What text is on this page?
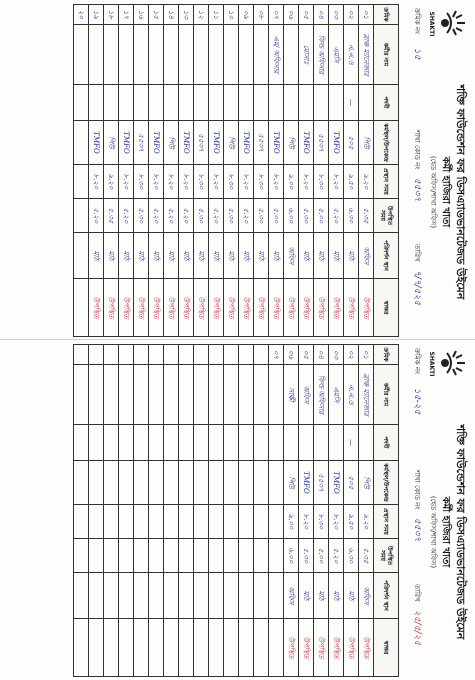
SHAKTI
শক্তি ফাউন্ডেশন ফর ডিসএ্যাডভানটেজড উইমেন
কর্মী হাজিরা খাতা
(হেড অফিস/শাখা অফিস)
ক্রমিক নং
১৫
শাখা কোড নং
৫৫৩৭
তারিখ
৭/৭/৫২৫
ক্রমিক	কর্মীর নাম	পদবী	কর্মস্থল/উপকেন্দ্র	প্রস্থান সময়	উপস্থিত সময়	পরিদর্শন স্থান	স্বাক্ষর
০১	ব্রাঞ্চ ম্যানেজার		পিউ	৯.২০	৫.৩৫	অফিস	উপস্থিত
০২	এ.এ.ও	—	৫০৫	৯.৫০	৬.৩০	মাঠ	উপস্থিত
০৩	এমসি		TMFO	৮.২০	৫.২০	মাঠ	উপস্থিত
০৪	ফিল্ড অফিসার		৫৫৩৭	৮.৩০	৫.০০	মাঠ	উপস্থিত
০৫	মোসাঃ		TMFO	৮.২০	৫.৩০	মাঠ	উপস্থিত
০৬			পিউ	৯.০০	৬.০০	অফিস	উপস্থিত
০৭	এম/ অফিসার		TMFO	৮.২০	৫.০০	মাঠ	উপস্থিত
০৮			৫৫৩৭	৮.৩০	৫.৩০	মাঠ	উপস্থিত
০৯			TMFO	৮.২০	৫.২০	মাঠ	উপস্থিত
১০			পিউ	৮.৩০	৫.৩০	মাঠ	উপস্থিত
১১			TMFO	৮.২০	৫.২০	মাঠ	উপস্থিত
১২			৫৫৩৭	৮.৩০	৫.৩০	মাঠ	উপস্থিত
১৩			TMFO	৮.২০	৫.২০	মাঠ	উপস্থিত
১৪			পিউ	৮.২০	৫.২০	মাঠ	উপস্থিত
১৫			TMFO	৮.২০	৫.২০	মাঠ	উপস্থিত
১৬			৫৫৩৭	৮.৩০	৫.৩০	মাঠ	উপস্থিত
১৭			TMFO	৮.২০	৫.২০	মাঠ	উপস্থিত
১৮			পিউ	৯.২০	৫.৩৫	মাঠ	উপস্থিত
১৯			TMFO	৮.২০	৫.২০	মাঠ	উপস্থিত
২০							
SHAKTI
শক্তি ফাউন্ডেশন ফর ডিসএ্যাডভানটেজড উইমেন
কর্মী হাজিরা খাতা
(হেড অফিস/শাখা অফিস)
ক্রমিক নং
১৫-২৫
শাখা কোড নং
৫৫৩৭
তারিখ
২৫/৫/২৫
ক্রমিক	কর্মীর নাম	পদবী	কর্মস্থল/উপকেন্দ্র	প্রস্থান সময়	উপস্থিত সময়	পরিদর্শন স্থান	স্বাক্ষর
০১	ব্রাঞ্চ ম্যানেজার		পিউ	৯.২০	৫.৩৫	অফিস	উপস্থিত
০২	এ.এ.ও	—	৫০৫	৯.৫০	৬.৩০	মাঠ	উপস্থিত
০৩	এমসি		TMFO	৮.২০	৫.২০	মাঠ	উপস্থিত
০৪	ফিল্ড অফিসার		৫৫৩৭	৮.৩০	৫.০০	মাঠ	উপস্থিত
০৫	অফিস		TMFO	৮.২০	৫.৩০	মাঠ	উপস্থিত
০৬	সাক্ষী		পিউ	৯.০০	৬.০০	অফিস	উপস্থিত
০৭							
